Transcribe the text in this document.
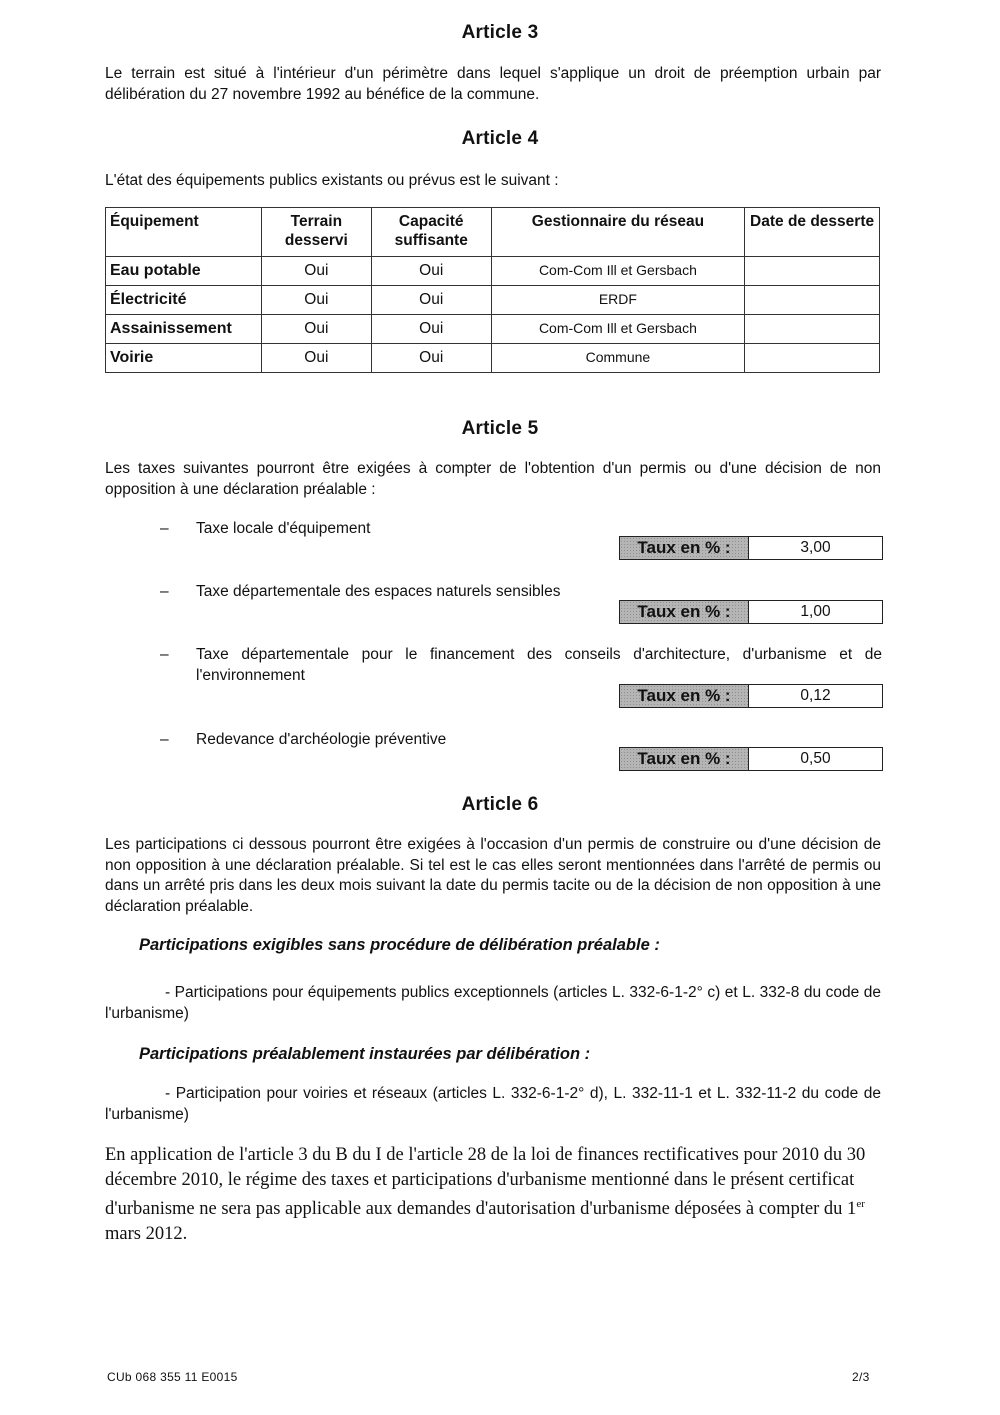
Article 3
Le terrain est situé à l'intérieur d'un périmètre dans lequel s'applique un droit de préemption urbain par délibération du 27 novembre 1992 au bénéfice de la commune.
Article 4
L'état des équipements publics existants ou prévus est le suivant :
Équipement	Terrain desservi	Capacité suffisante	Gestionnaire du réseau	Date de desserte
Eau potable	Oui	Oui	Com-Com Ill et Gersbach	
Électricité	Oui	Oui	ERDF	
Assainissement	Oui	Oui	Com-Com Ill et Gersbach	
Voirie	Oui	Oui	Commune	
Article 5
Les taxes suivantes pourront être exigées à compter de l'obtention d'un permis ou d'une décision de non opposition à une déclaration préalable :
– Taxe locale d'équipement
Taux en % :	3,00
– Taxe départementale des espaces naturels sensibles
Taux en % :	1,00
– Taxe départementale pour le financement des conseils d'architecture, d'urbanisme et de l'environnement
Taux en % :	0,12
– Redevance d'archéologie préventive
Taux en % :	0,50
Article 6
Les participations ci dessous pourront être exigées à l'occasion d'un permis de construire ou d'une décision de non opposition à une déclaration préalable. Si tel est le cas elles seront mentionnées dans l'arrêté de permis ou dans un arrêté pris dans les deux mois suivant la date du permis tacite ou de la décision de non opposition à une déclaration préalable.
Participations exigibles sans procédure de délibération préalable :
- Participations pour équipements publics exceptionnels (articles L. 332-6-1-2° c) et L. 332-8 du code de l'urbanisme)
Participations préalablement instaurées par délibération :
- Participation pour voiries et réseaux (articles L. 332-6-1-2° d), L. 332-11-1 et L. 332-11-2 du code de l'urbanisme)
En application de l'article 3 du B du I de l'article 28 de la loi de finances rectificatives pour 2010 du 30 décembre 2010, le régime des taxes et participations d'urbanisme mentionné dans le présent certificat d'urbanisme ne sera pas applicable aux demandes d'autorisation d'urbanisme déposées à compter du 1er mars 2012.
CUb 068 355 11 E0015	2/3
